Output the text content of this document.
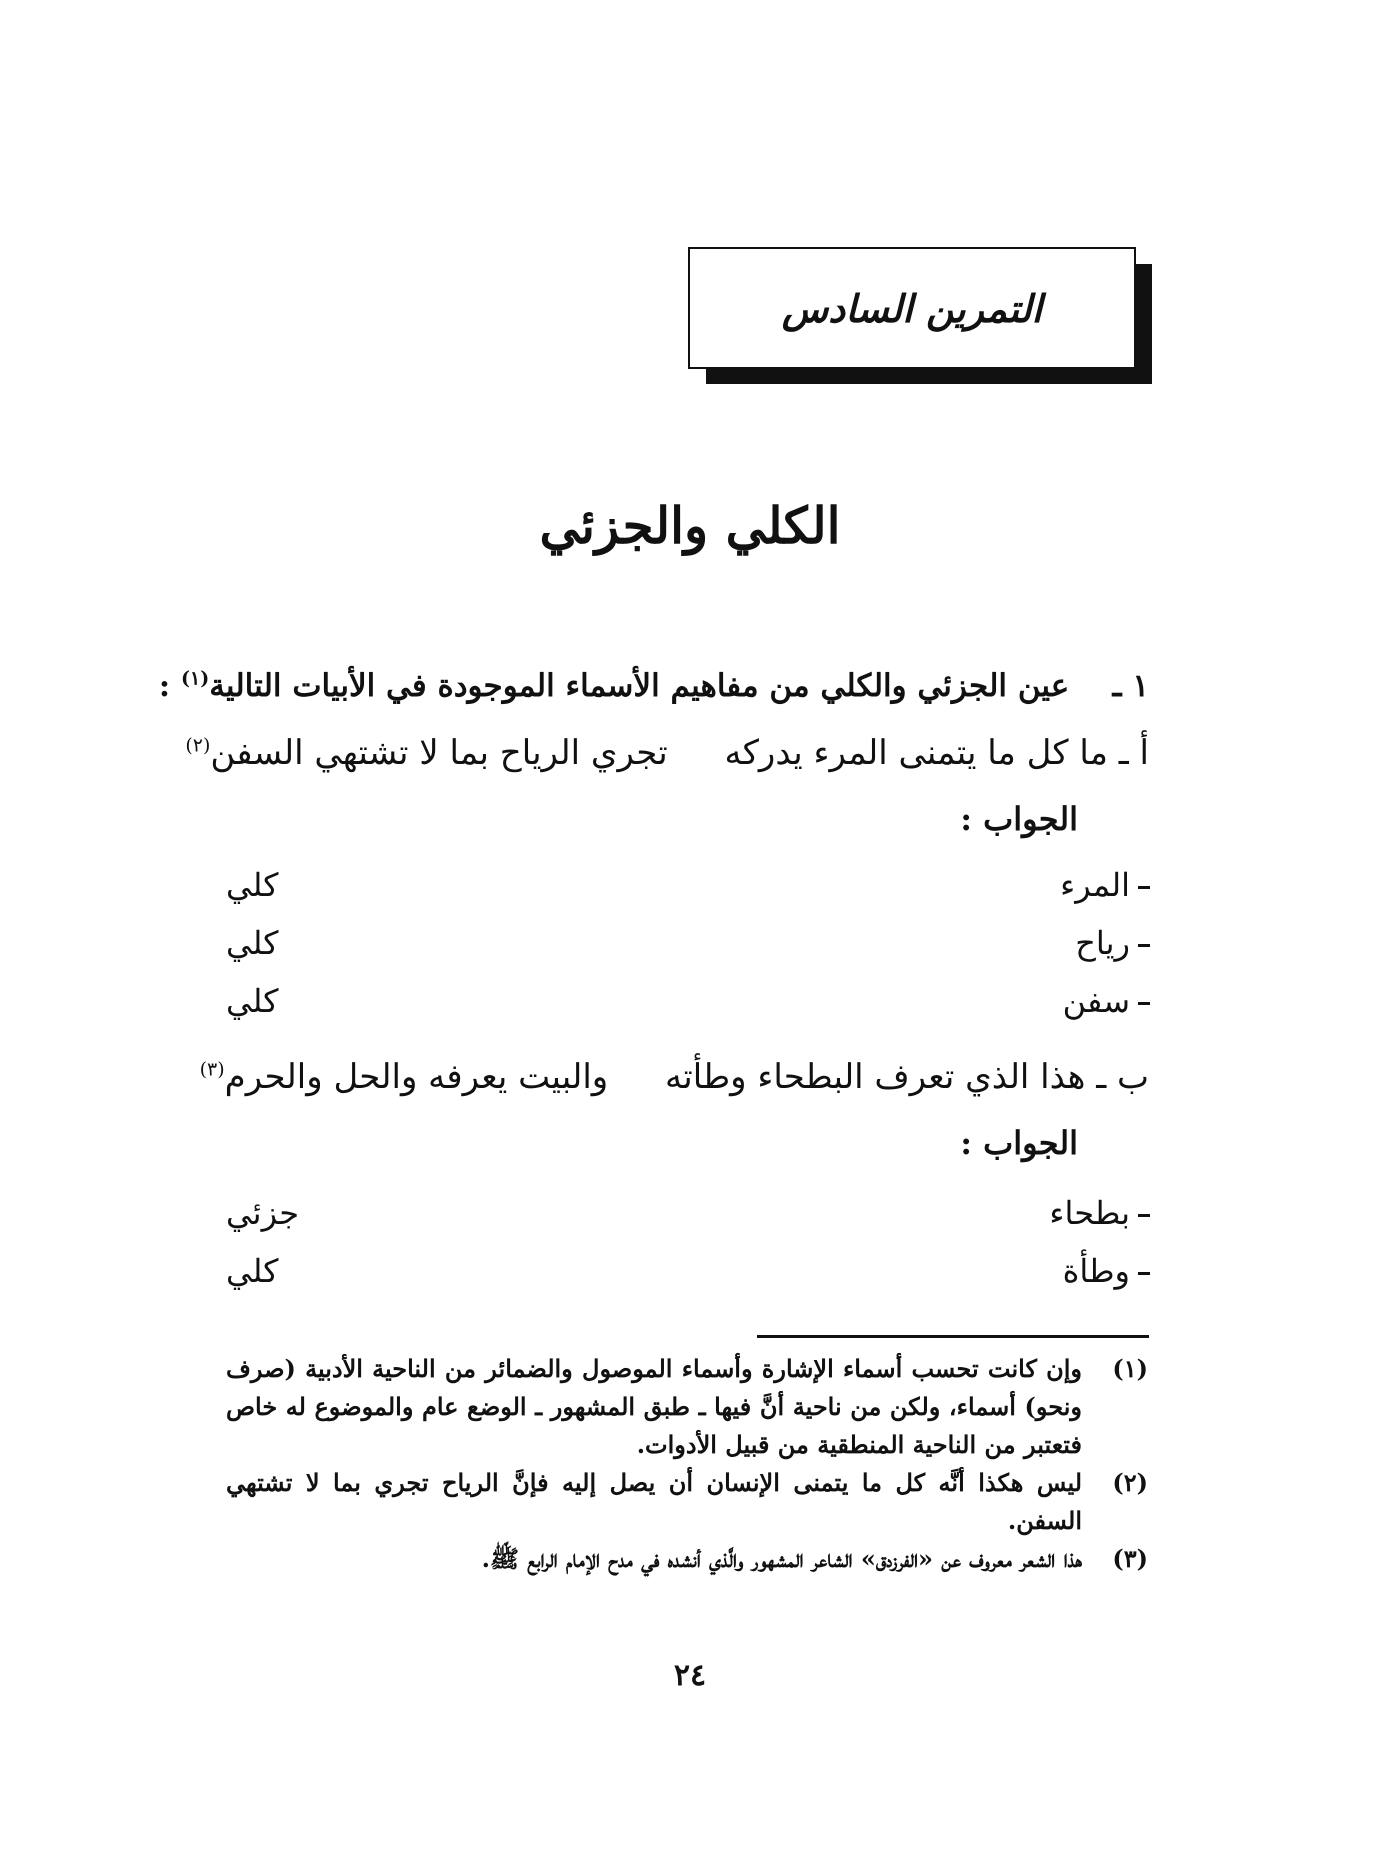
التمرين السادس
الكلي والجزئي
١ ـ    عين الجزئي والكلي من مفاهيم الأسماء الموجودة في الأبيات التالية$^{(١)}$ :
أ ـ ما كل ما يتمنى المرء يدركه تجري الرياح بما لا تشتهي السفن$^{(٢)}$
الجواب :
المرء
كلي
رياح
كلي
سفن
كلي
ب ـ هذا الذي تعرف البطحاء وطأته والبيت يعرفه والحل والحرم$^{(٣)}$
الجواب :
بطحاء
جزئي
وطأة
كلي
(١)
وإن كانت تحسب أسماء الإشارة وأسماء الموصول والضمائر من الناحية الأدبية (صرف ونحو) أسماء، ولكن من ناحية أنَّ فيها ـ طبق المشهور ـ الوضع عام والموضوع له خاص فتعتبر من الناحية المنطقية من قبيل الأدوات.
(٢)
ليس هكذا أنَّه كل ما يتمنى الإنسان أن يصل إليه فإنَّ الرياح تجري بما لا تشتهي السفن.
(٣)
هذا الشعر معروف عن «الفرزدق» الشاعر المشهور والَّذي أنشده في مدح الإمام الرابع ﷺ.
٢٤
